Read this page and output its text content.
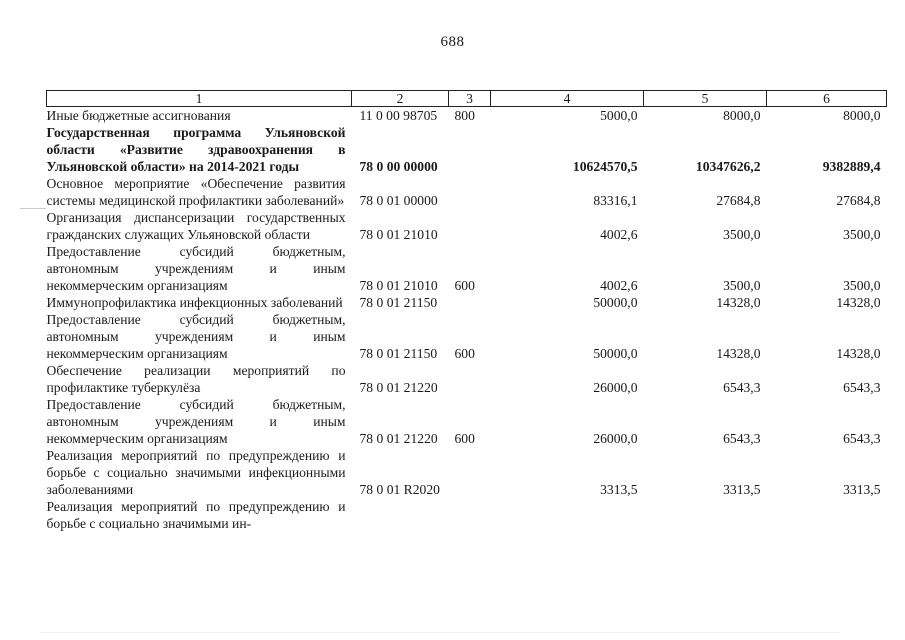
688
1	2	3	4	5	6
Иные бюджетные ассигнования	11 0 00 98705	800	5000,0	8000,0	8000,0
Государственная программа Ульяновской области «Развитие здравоохранения в Ульяновской области» на 2014-2021 годы	78 0 00 00000		10624570,5	10347626,2	9382889,4
Основное мероприятие «Обеспечение развития системы медицинской профилактики заболеваний»	78 0 01 00000		83316,1	27684,8	27684,8
Организация диспансеризации государственных гражданских служащих Ульяновской области	78 0 01 21010		4002,6	3500,0	3500,0
Предоставление субсидий бюджетным, автономным учреждениям и иным некоммерческим организациям	78 0 01 21010	600	4002,6	3500,0	3500,0
Иммунопрофилактика инфекционных заболеваний	78 0 01 21150		50000,0	14328,0	14328,0
Предоставление субсидий бюджетным, автономным учреждениям и иным некоммерческим организациям	78 0 01 21150	600	50000,0	14328,0	14328,0
Обеспечение реализации мероприятий по профилактике туберкулёза	78 0 01 21220		26000,0	6543,3	6543,3
Предоставление субсидий бюджетным, автономным учреждениям и иным некоммерческим организациям	78 0 01 21220	600	26000,0	6543,3	6543,3
Реализация мероприятий по предупреждению и борьбе с социально значимыми инфекционными заболеваниями	78 0 01 R2020		3313,5	3313,5	3313,5
Реализация мероприятий по предупреждению и борьбе с социально значимыми ин-					
